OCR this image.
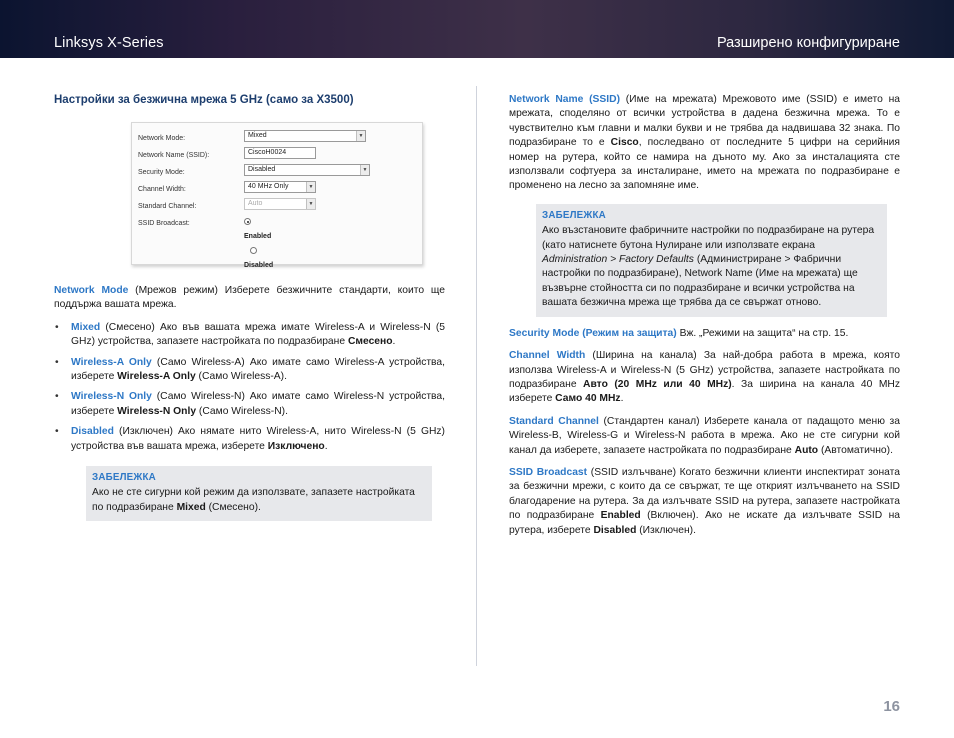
Linksys X-Series	Разширено конфигуриране
Настройки за безжична мрежа 5 GHz (само за X3500)
Network Mode:	Mixed	▼
Network Name (SSID):	CiscoH0024
Security Mode:	Disabled	▼
Channel Width:	40 MHz Only	▼
Standard Channel:	Auto	▼
SSID Broadcast:
Enabled    Disabled

Network Mode (Мрежов режим) Изберете безжичните стандарти, които ще поддържа вашата мрежа.

• Mixed (Смесено) Ако във вашата мрежа имате Wireless-A и Wireless-N (5 GHz) устройства, запазете настройката по подразбиране Смесено.
• Wireless-A Only (Само Wireless-A) Ако имате само Wireless-A устройства, изберете Wireless-A Only (Само Wireless-A).
• Wireless-N Only (Само Wireless-N) Ако имате само Wireless-N устройства, изберете Wireless-N Only (Само Wireless-N).
• Disabled (Изключен) Ако нямате нито Wireless-A, нито Wireless-N (5 GHz) устройства във вашата мрежа, изберете Изключено.
ЗАБЕЛЕЖКА
Ако не сте сигурни кой режим да използвате, запазете настройката по подразбиране Mixed (Смесено).

Network Name (SSID) (Име на мрежата) Мрежовото име (SSID) е името на мрежата, споделяно от всички устройства в дадена безжична мрежа. То е чувствително към главни и малки букви и не трябва да надвишава 32 знака. По подразбиране то е Cisco, последвано от последните 5 цифри на серийния номер на рутера, който се намира на дъното му. Ако за инсталацията сте използвали софтуера за инсталиране, името на мрежата по подразбиране е променено на лесно за запомняне име.

ЗАБЕЛЕЖКА
Ако възстановите фабричните настройки по подразбиране на рутера (като натиснете бутона Нулиране или използвате екрана Administration > Factory Defaults (Администриране > Фабрични настройки по подразбиране), Network Name (Име на мрежата) ще възвърне стойността си по подразбиране и всички устройства на вашата безжична мрежа ще трябва да се свържат отново.

Security Mode (Режим на защита) Вж. „Режими на защита“ на стр. 15.

Channel Width (Ширина на канала) За най-добра работа в мрежа, която използва Wireless-A и Wireless-N (5 GHz) устройства, запазете настройката по подразбиране Авто (20 MHz или 40 MHz). За ширина на канала 40 MHz изберете Само 40 MHz.

Standard Channel (Стандартен канал) Изберете канала от падащото меню за Wireless-B, Wireless-G и Wireless-N работа в мрежа. Ако не сте сигурни кой канал да изберете, запазете настройката по подразбиране Auto (Автоматично).

SSID Broadcast (SSID излъчване) Когато безжични клиенти инспектират зоната за безжични мрежи, с които да се свържат, те ще открият излъчването на SSID благодарение на рутера. За да излъчвате SSID на рутера, запазете настройката по подразбиране Enabled (Включен). Ако не искате да излъчвате SSID на рутера, изберете Disabled (Изключен).

16
